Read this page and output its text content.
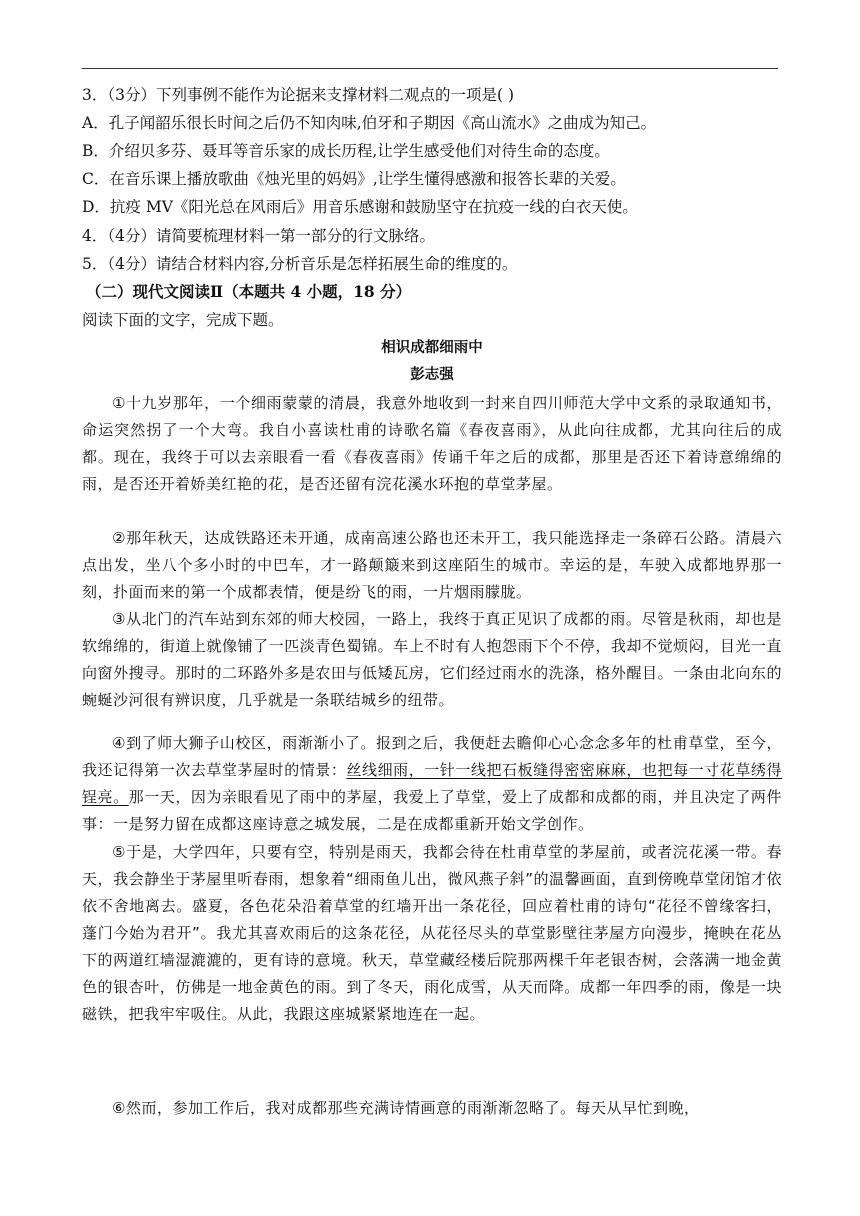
3．（3分）下列事例不能作为论据来支撑材料二观点的一项是( )
A．孔子闻韶乐很长时间之后仍不知肉味,伯牙和子期因《高山流水》之曲成为知己。
B．介绍贝多芬、聂耳等音乐家的成长历程,让学生感受他们对待生命的态度。
C．在音乐课上播放歌曲《烛光里的妈妈》,让学生懂得感激和报答长辈的关爱。
D．抗疫 MV《阳光总在风雨后》用音乐感谢和鼓励坚守在抗疫一线的白衣天使。
4．（4分）请简要梳理材料一第一部分的行文脉络。
5．（4分）请结合材料内容,分析音乐是怎样拓展生命的维度的。
（二）现代文阅读Ⅱ（本题共 4 小题，18 分）
阅读下面的文字，完成下题。
相识成都细雨中
彭志强

①十九岁那年，一个细雨蒙蒙的清晨，我意外地收到一封来自四川师范大学中文系的录取通知书，命运突然拐了一个大弯。我自小喜读杜甫的诗歌名篇《春夜喜雨》，从此向往成都，尤其向往后的成都。现在，我终于可以去亲眼看一看《春夜喜雨》传诵千年之后的成都，那里是否还下着诗意绵绵的雨，是否还开着娇美红艳的花，是否还留有浣花溪水环抱的草堂茅屋。

②那年秋天，达成铁路还未开通，成南高速公路也还未开工，我只能选择走一条碎石公路。清晨六点出发，坐八个多小时的中巴车，才一路颠簸来到这座陌生的城市。幸运的是，车驶入成都地界那一刻，扑面而来的第一个成都表情，便是纷飞的雨，一片烟雨朦胧。

③从北门的汽车站到东郊的师大校园，一路上，我终于真正见识了成都的雨。尽管是秋雨，却也是软绵绵的，街道上就像铺了一匹淡青色蜀锦。车上不时有人抱怨雨下个不停，我却不觉烦闷，目光一直向窗外搜寻。那时的二环路外多是农田与低矮瓦房，它们经过雨水的洗涤，格外醒目。一条由北向东的蜿蜒沙河很有辨识度，几乎就是一条联结城乡的纽带。

④到了师大狮子山校区，雨渐渐小了。报到之后，我便赶去瞻仰心心念念多年的杜甫草堂，至今，我还记得第一次去草堂茅屋时的情景：丝线细雨，一针一线把石板缝得密密麻麻，也把每一寸花草绣得锃亮。那一天，因为亲眼看见了雨中的茅屋，我爱上了草堂，爱上了成都和成都的雨，并且决定了两件事：一是努力留在成都这座诗意之城发展，二是在成都重新开始文学创作。

⑤于是，大学四年，只要有空，特别是雨天，我都会待在杜甫草堂的茅屋前，或者浣花溪一带。春天，我会静坐于茅屋里听春雨，想象着“细雨鱼儿出，微风燕子斜”的温馨画面，直到傍晚草堂闭馆才依依不舍地离去。盛夏，各色花朵沿着草堂的红墙开出一条花径，回应着杜甫的诗句“花径不曾缘客扫，蓬门今始为君开”。我尤其喜欢雨后的这条花径，从花径尽头的草堂影壁往茅屋方向漫步，掩映在花丛下的两道红墙湿漉漉的，更有诗的意境。秋天，草堂藏经楼后院那两棵千年老银杏树，会落满一地金黄色的银杏叶，仿佛是一地金黄色的雨。到了冬天，雨化成雪，从天而降。成都一年四季的雨，像是一块磁铁，把我牢牢吸住。从此，我跟这座城紧紧地连在一起。

⑥然而，参加工作后，我对成都那些充满诗情画意的雨渐渐忽略了。每天从早忙到晚，
